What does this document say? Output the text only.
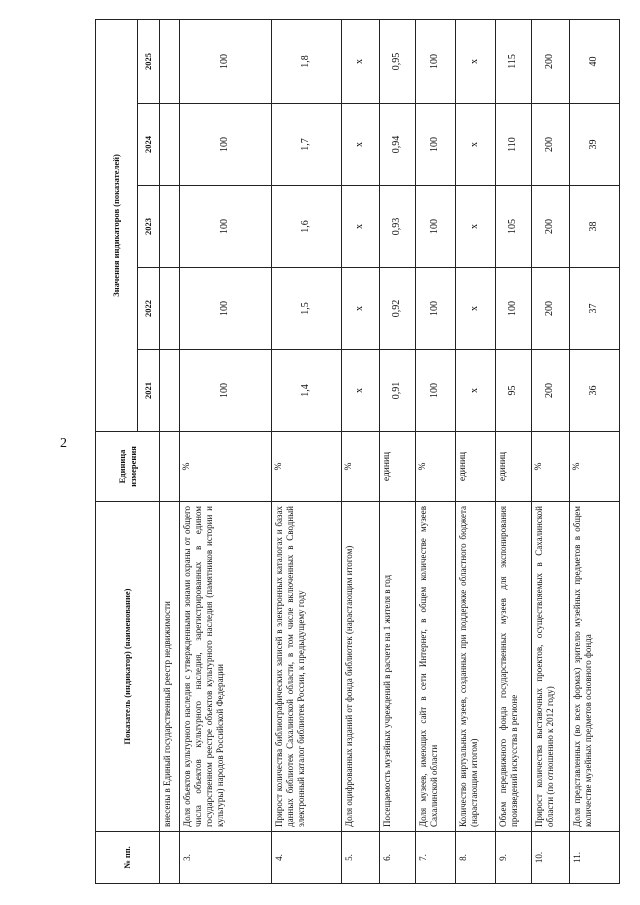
2
№ пп.	Показатель (индикатор) (наименование)	Единица измерения	Значения индикаторов (показателей)				
			2021	2022	2023	2024	2025
	внесены в Единый государственный реестр недвижимости						
3.	Доля объектов культурного наследия с утвержденными зонами охраны от общего числа объектов культурного наследия, зарегистрированных в едином государственном реестре объектов культурного наследия (памятников истории и культуры) народов Российской Федерации	%	100	100	100	100	100
4.	Прирост количества библиографических записей в электронных каталогах и базах данных библиотек Сахалинской области, в том числе включенных в Сводный электронный каталог библиотек России, к предыдущему году	%	1,4	1,5	1,6	1,7	1,8
5.	Доля оцифрованных изданий от фонда библиотек (нарастающим итогом)	%	х	х	х	х	х
6.	Посещаемость музейных учреждений в расчете на 1 жителя в год	единиц	0,91	0,92	0,93	0,94	0,95
7.	Доля музеев, имеющих сайт в сети Интернет, в общем количестве музеев Сахалинской области	%	100	100	100	100	100
8.	Количество виртуальных музеев, созданных при поддержке областного бюджета (нарастающим итогом)	единиц	х	х	х	х	х
9.	Объем передвижного фонда государственных музеев для экспонирования произведений искусства в регионе	единиц	95	100	105	110	115
10.	Прирост количества выставочных проектов, осуществляемых в Сахалинской области (по отношению к 2012 году)	%	200	200	200	200	200
11.	Доля представленных (во всех формах) зрителю музейных предметов в общем количестве музейных предметов основного фонда	%	36	37	38	39	40
